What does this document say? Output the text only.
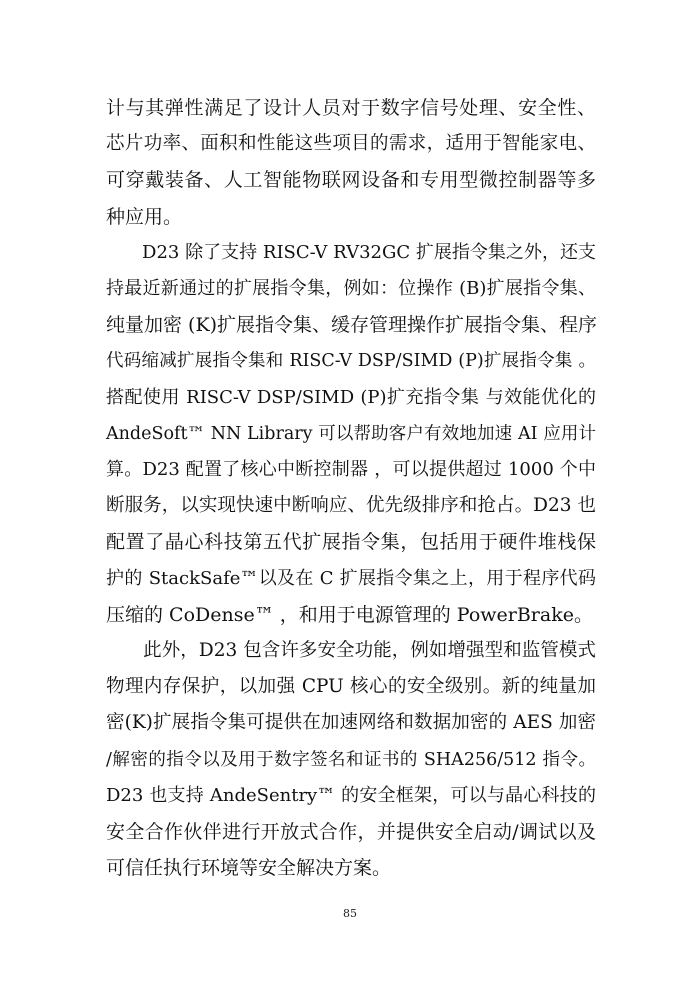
计与其弹性满足了设计人员对于数字信号处理、安全性、
芯片功率、面积和性能这些项目的需求，适用于智能家电、
可穿戴装备、人工智能物联网设备和专用型微控制器等多
种应用。
　　D23 除了支持 RISC-V RV32GC 扩展指令集之外，还支
持最近新通过的扩展指令集，例如：位操作 (B)扩展指令集、
纯量加密 (K)扩展指令集、缓存管理操作扩展指令集、程序
代码缩减扩展指令集和 RISC-V DSP/SIMD (P)扩展指令集 。
搭配使用 RISC-V DSP/SIMD (P)扩充指令集 与效能优化的
AndeSoft™ NN Library 可以帮助客户有效地加速 AI 应用计
算。D23 配置了核心中断控制器 ，可以提供超过 1000 个中
断服务，以实现快速中断响应、优先级排序和抢占。D23 也
配置了晶心科技第五代扩展指令集，包括用于硬件堆栈保
护的 StackSafe™以及在 C 扩展指令集之上，用于程序代码
压缩的 CoDense™ ，和用于电源管理的 PowerBrake。
　　此外，D23 包含许多安全功能，例如增强型和监管模式
物理内存保护，以加强 CPU 核心的安全级别。新的纯量加
密(K)扩展指令集可提供在加速网络和数据加密的 AES 加密
/解密的指令以及用于数字签名和证书的 SHA256/512 指令。
D23 也支持 AndeSentry™ 的安全框架，可以与晶心科技的
安全合作伙伴进行开放式合作，并提供安全启动/调试以及
可信任执行环境等安全解决方案。
85
